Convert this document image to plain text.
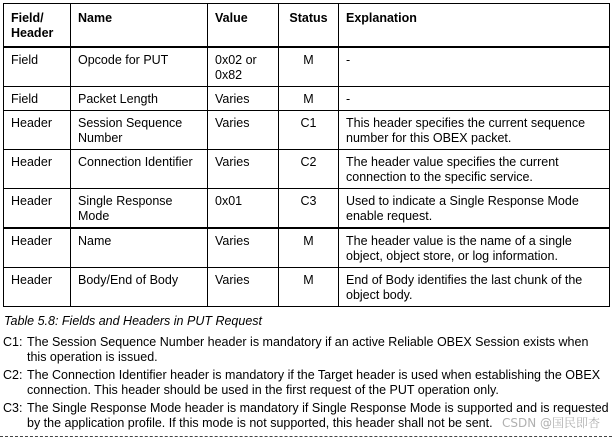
Field/
Header	Name	Value	Status	Explanation
Field	Opcode for PUT	0x02 or 0x82	M	-
Field	Packet Length	Varies	M	-
Header	Session Sequence Number	Varies	C1	This header specifies the current sequence number for this OBEX packet.
Header	Connection Identifier	Varies	C2	The header value specifies the current connection to the specific service.
Header	Single Response Mode	0x01	C3	Used to indicate a Single Response Mode enable request.
Header	Name	Varies	M	The header value is the name of a single object, object store, or log information.
Header	Body/End of Body	Varies	M	End of Body identifies the last chunk of the object body.
Table 5.8: Fields and Headers in PUT Request
C1: The Session Sequence Number header is mandatory if an active Reliable OBEX Session exists when this operation is issued.
C2: The Connection Identifier header is mandatory if the Target header is used when establishing the OBEX connection. This header should be used in the first request of the PUT operation only.
C3: The Single Response Mode header is mandatory if Single Response Mode is supported and is requested by the application profile. If this mode is not supported, this header shall not be sent. CSDN @国民即杏
